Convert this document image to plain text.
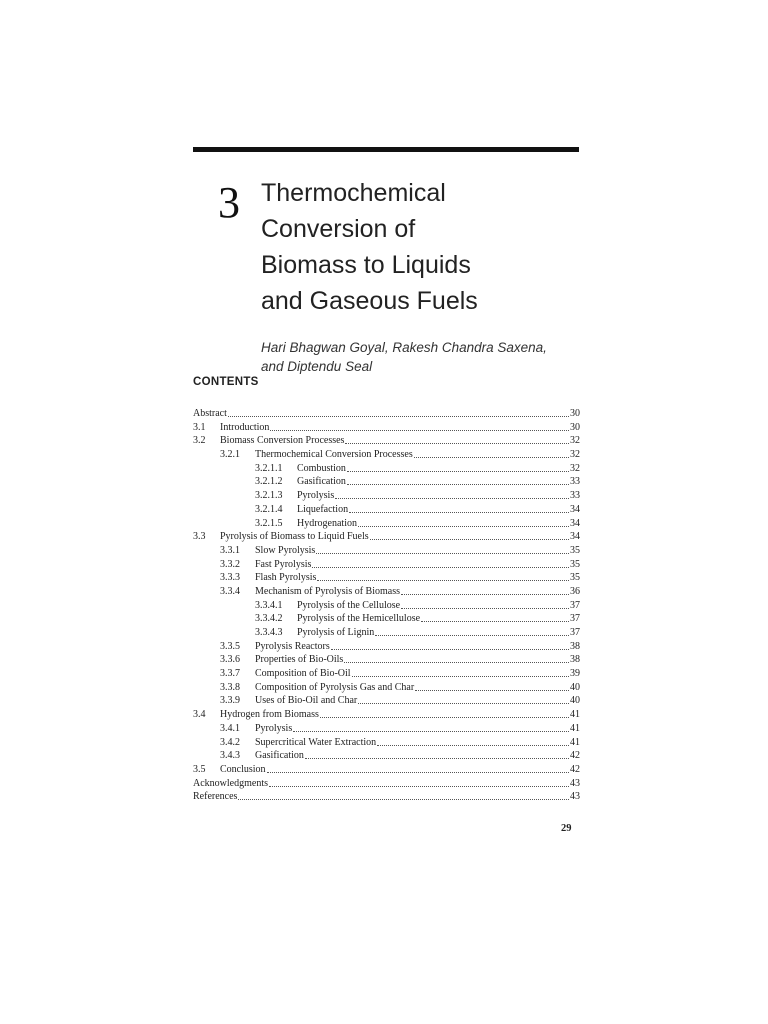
3 Thermochemical
Conversion of
Biomass to Liquids
and Gaseous Fuels
Hari Bhagwan Goyal, Rakesh Chandra Saxena,
and Diptendu Seal
CONTENTS
Abstract	30
3.1	Introduction	30
3.2	Biomass Conversion Processes	32
3.2.1	Thermochemical Conversion Processes	32
3.2.1.1	Combustion	32
3.2.1.2	Gasification	33
3.2.1.3	Pyrolysis	33
3.2.1.4	Liquefaction	34
3.2.1.5	Hydrogenation	34
3.3	Pyrolysis of Biomass to Liquid Fuels	34
3.3.1	Slow Pyrolysis	35
3.3.2	Fast Pyrolysis	35
3.3.3	Flash Pyrolysis	35
3.3.4	Mechanism of Pyrolysis of Biomass	36
3.3.4.1	Pyrolysis of the Cellulose	37
3.3.4.2	Pyrolysis of the Hemicellulose	37
3.3.4.3	Pyrolysis of Lignin	37
3.3.5	Pyrolysis Reactors	38
3.3.6	Properties of Bio-Oils	38
3.3.7	Composition of Bio-Oil	39
3.3.8	Composition of Pyrolysis Gas and Char	40
3.3.9	Uses of Bio-Oil and Char	40
3.4	Hydrogen from Biomass	41
3.4.1	Pyrolysis	41
3.4.2	Supercritical Water Extraction	41
3.4.3	Gasification	42
3.5	Conclusion	42
Acknowledgments	43
References	43
29
